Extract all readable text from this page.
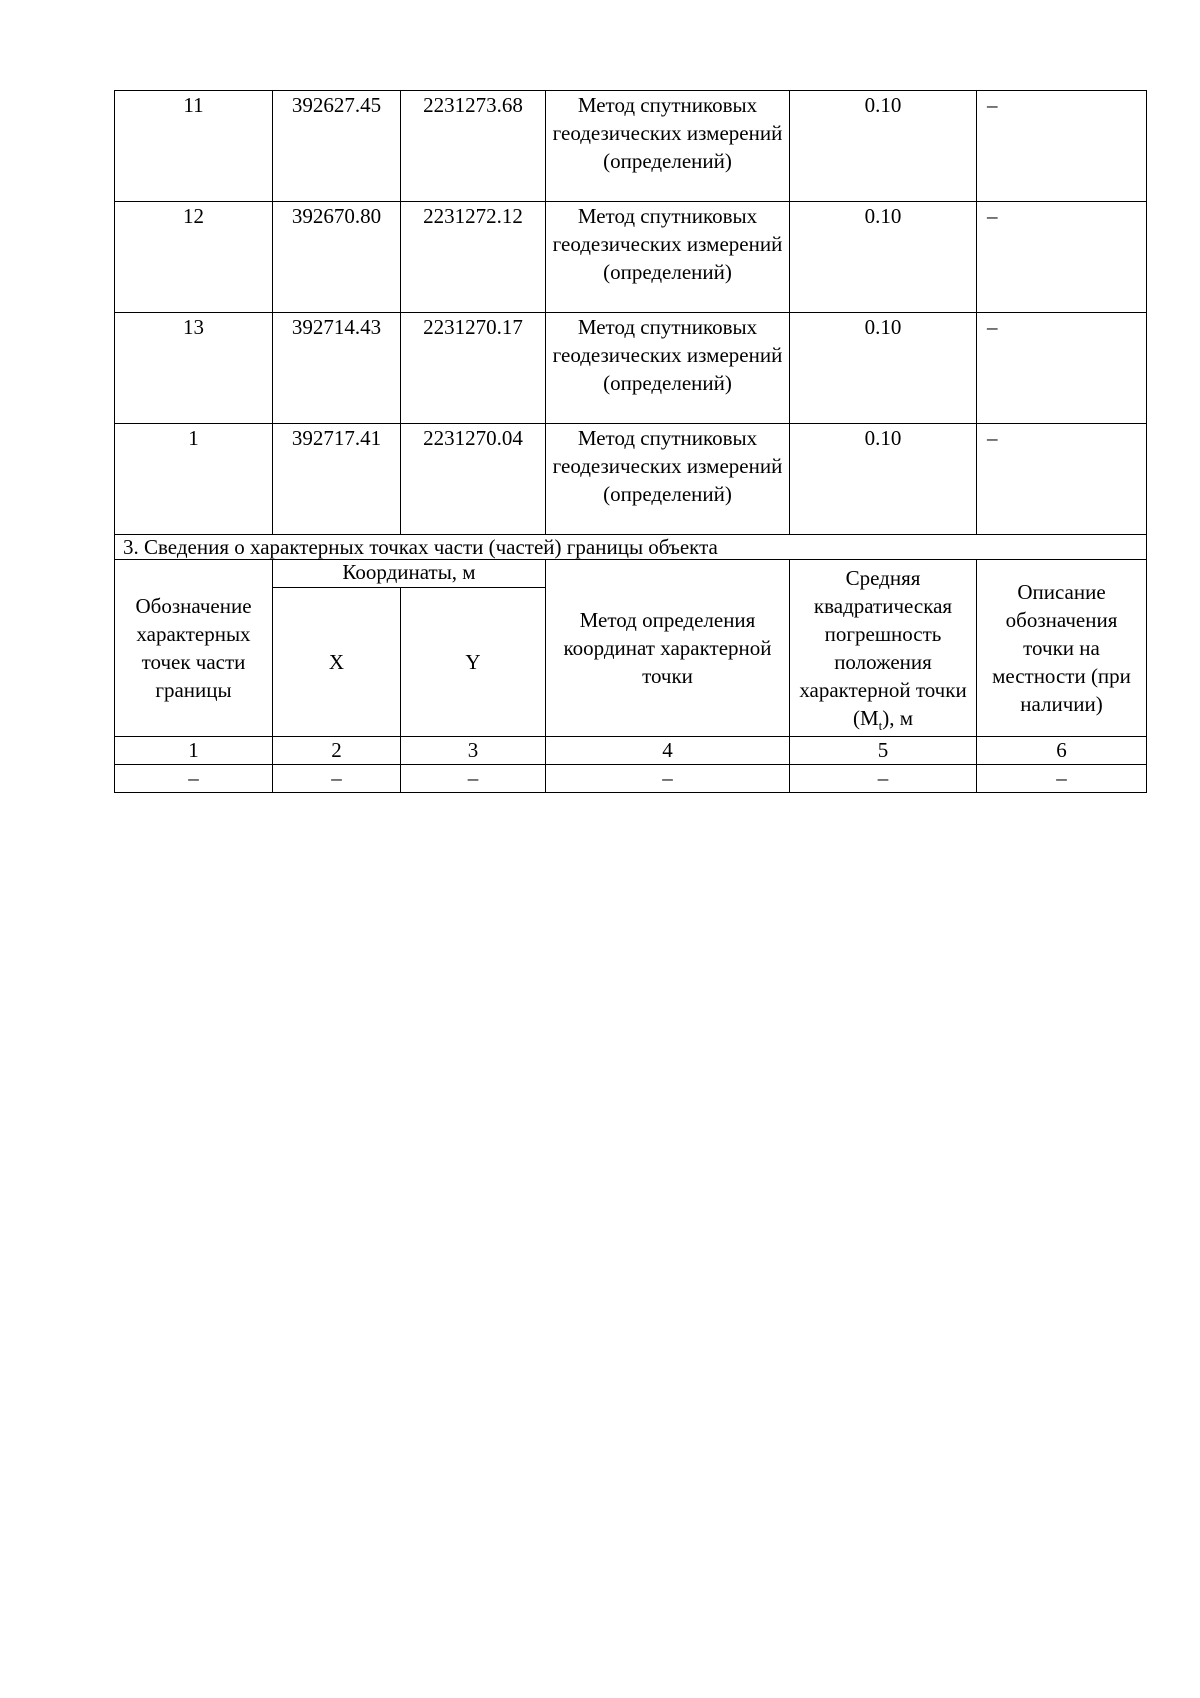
11	392627.45	2231273.68	Метод спутниковых геодезических измерений (определений)	0.10	–
12	392670.80	2231272.12	Метод спутниковых геодезических измерений (определений)	0.10	–
13	392714.43	2231270.17	Метод спутниковых геодезических измерений (определений)	0.10	–
1	392717.41	2231270.04	Метод спутниковых геодезических измерений (определений)	0.10	–
3. Сведения о характерных точках части (частей) границы объекта					
Обозначение характерных точек части границы	Координаты, м		Метод определения координат характерной точки	Средняя квадратическая погрешность положения характерной точки $(M_t)$, м	Описание обозначения точки на местности (при наличии)
	X	Y			
1	2	3	4	5	6
–	–	–	–	–	–
